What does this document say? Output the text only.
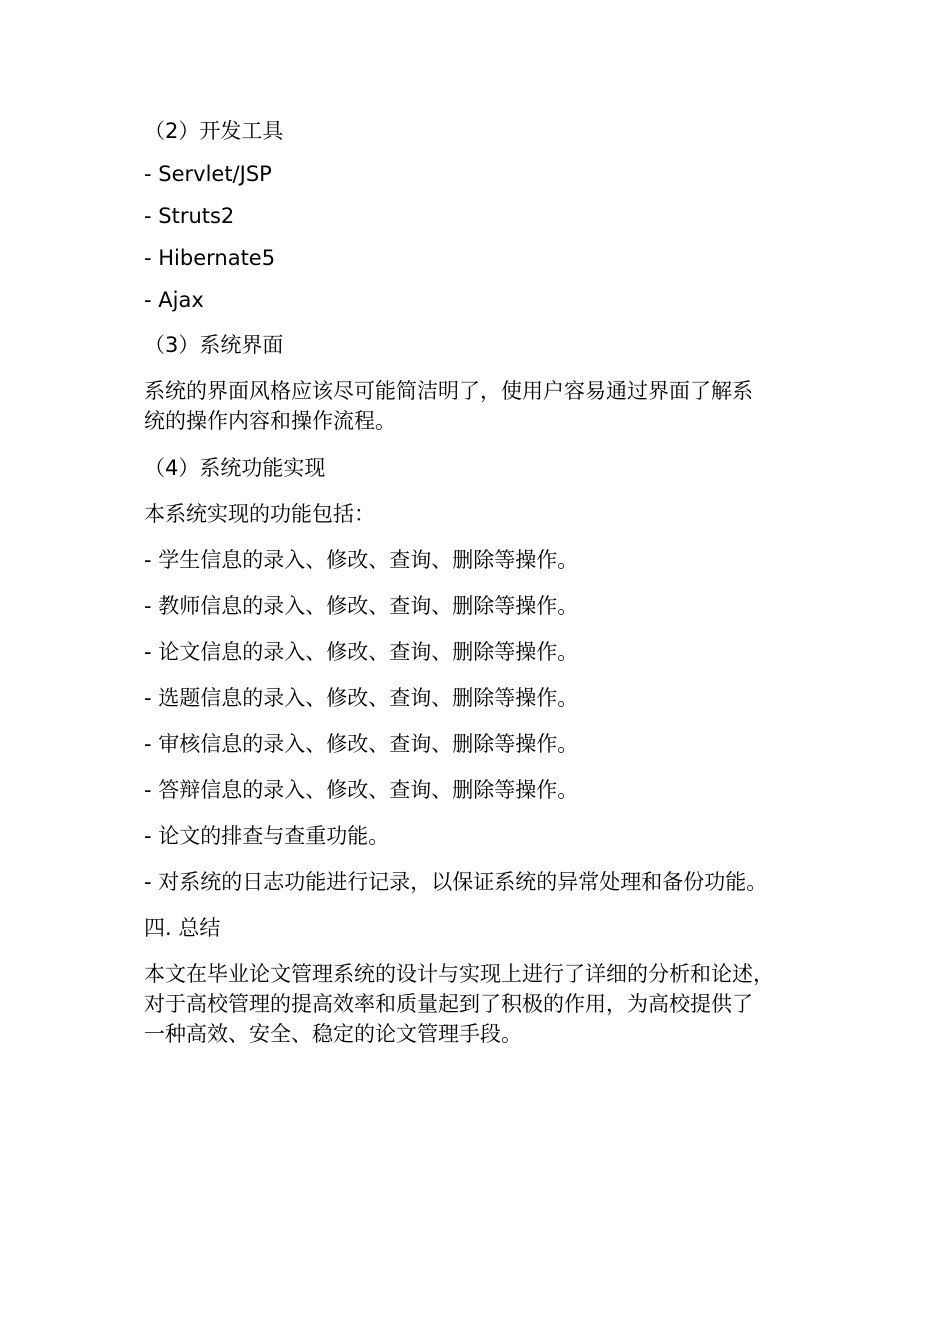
（2）开发工具

- Servlet/JSP

- Struts2

- Hibernate5

- Ajax

（3）系统界面

系统的界面风格应该尽可能简洁明了，使用户容易通过界面了解系

统的操作内容和操作流程。

（4）系统功能实现

本系统实现的功能包括：

- 学生信息的录入、修改、查询、删除等操作。

- 教师信息的录入、修改、查询、删除等操作。

- 论文信息的录入、修改、查询、删除等操作。

- 选题信息的录入、修改、查询、删除等操作。

- 审核信息的录入、修改、查询、删除等操作。

- 答辩信息的录入、修改、查询、删除等操作。

- 论文的排查与查重功能。

- 对系统的日志功能进行记录，以保证系统的异常处理和备份功能。

四. 总结

本文在毕业论文管理系统的设计与实现上进行了详细的分析和论述，

对于高校管理的提高效率和质量起到了积极的作用，为高校提供了

一种高效、安全、稳定的论文管理手段。
